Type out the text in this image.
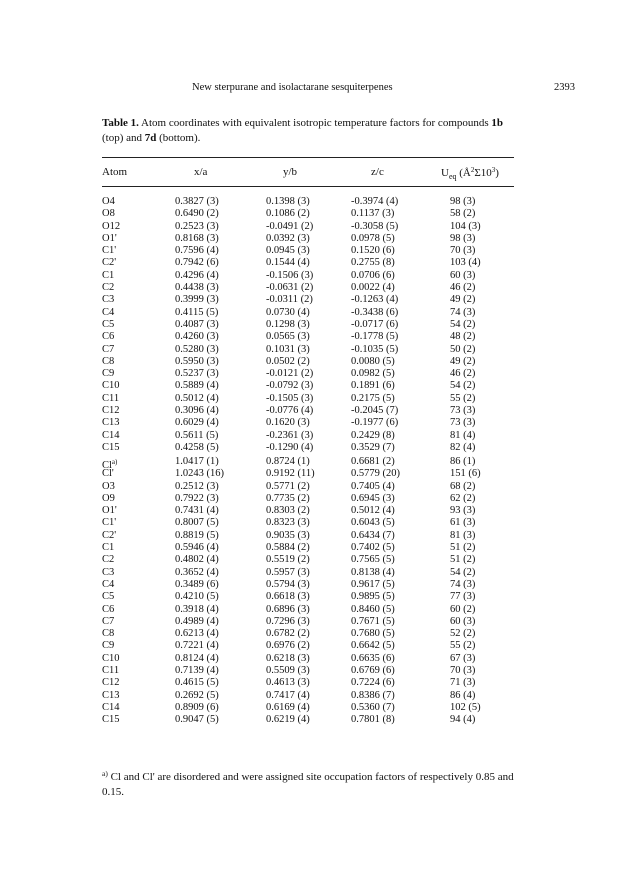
New sterpurane and isolactarane sesquiterpenes	2393
Table 1. Atom coordinates with equivalent isotropic temperature factors for compounds 1b (top) and 7d (bottom).
Atom	x/a	y/b	z/c	$U_{eq}$ $(Å^2\Sigma 10^3)$
O4	0.3827 (3)	0.1398 (3)	-0.3974 (4)	98 (3)
O8	0.6490 (2)	0.1086 (2)	0.1137 (3)	58 (2)
O12	0.2523 (3)	-0.0491 (2)	-0.3058 (5)	104 (3)
O1'	0.8168 (3)	0.0392 (3)	0.0978 (5)	98 (3)
C1'	0.7596 (4)	0.0945 (3)	0.1520 (6)	70 (3)
C2'	0.7942 (6)	0.1544 (4)	0.2755 (8)	103 (4)
C1	0.4296 (4)	-0.1506 (3)	0.0706 (6)	60 (3)
C2	0.4438 (3)	-0.0631 (2)	0.0022 (4)	46 (2)
C3	0.3999 (3)	-0.0311 (2)	-0.1263 (4)	49 (2)
C4	0.4115 (5)	0.0730 (4)	-0.3438 (6)	74 (3)
C5	0.4087 (3)	0.1298 (3)	-0.0717 (6)	54 (2)
C6	0.4260 (3)	0.0565 (3)	-0.1778 (5)	48 (2)
C7	0.5280 (3)	0.1031 (3)	-0.1035 (5)	50 (2)
C8	0.5950 (3)	0.0502 (2)	0.0080 (5)	49 (2)
C9	0.5237 (3)	-0.0121 (2)	0.0982 (5)	46 (2)
C10	0.5889 (4)	-0.0792 (3)	0.1891 (6)	54 (2)
C11	0.5012 (4)	-0.1505 (3)	0.2175 (5)	55 (2)
C12	0.3096 (4)	-0.0776 (4)	-0.2045 (7)	73 (3)
C13	0.6029 (4)	0.1620 (3)	-0.1977 (6)	73 (3)
C14	0.5611 (5)	-0.2361 (3)	0.2429 (8)	81 (4)
C15	0.4258 (5)	-0.1290 (4)	0.3529 (7)	82 (4)
Cl$^{a)}$	1.0417 (1)	0.8724 (1)	0.6681 (2)	86 (1)
Cl'	1.0243 (16)	0.9192 (11)	0.5779 (20)	151 (6)
O3	0.2512 (3)	0.5771 (2)	0.7405 (4)	68 (2)
O9	0.7922 (3)	0.7735 (2)	0.6945 (3)	62 (2)
O1'	0.7431 (4)	0.8303 (2)	0.5012 (4)	93 (3)
C1'	0.8007 (5)	0.8323 (3)	0.6043 (5)	61 (3)
C2'	0.8819 (5)	0.9035 (3)	0.6434 (7)	81 (3)
C1	0.5946 (4)	0.5884 (2)	0.7402 (5)	51 (2)
C2	0.4802 (4)	0.5519 (2)	0.7565 (5)	51 (2)
C3	0.3652 (4)	0.5957 (3)	0.8138 (4)	54 (2)
C4	0.3489 (6)	0.5794 (3)	0.9617 (5)	74 (3)
C5	0.4210 (5)	0.6618 (3)	0.9895 (5)	77 (3)
C6	0.3918 (4)	0.6896 (3)	0.8460 (5)	60 (2)
C7	0.4989 (4)	0.7296 (3)	0.7671 (5)	60 (3)
C8	0.6213 (4)	0.6782 (2)	0.7680 (5)	52 (2)
C9	0.7221 (4)	0.6976 (2)	0.6642 (5)	55 (2)
C10	0.8124 (4)	0.6218 (3)	0.6635 (6)	67 (3)
C11	0.7139 (4)	0.5509 (3)	0.6769 (6)	70 (3)
C12	0.4615 (5)	0.4613 (3)	0.7224 (6)	71 (3)
C13	0.2692 (5)	0.7417 (4)	0.8386 (7)	86 (4)
C14	0.8909 (6)	0.6169 (4)	0.5360 (7)	102 (5)
C15	0.9047 (5)	0.6219 (4)	0.7801 (8)	94 (4)
$^{a)}$ Cl and Cl' are disordered and were assigned site occupation factors of respectively 0.85 and 0.15.
